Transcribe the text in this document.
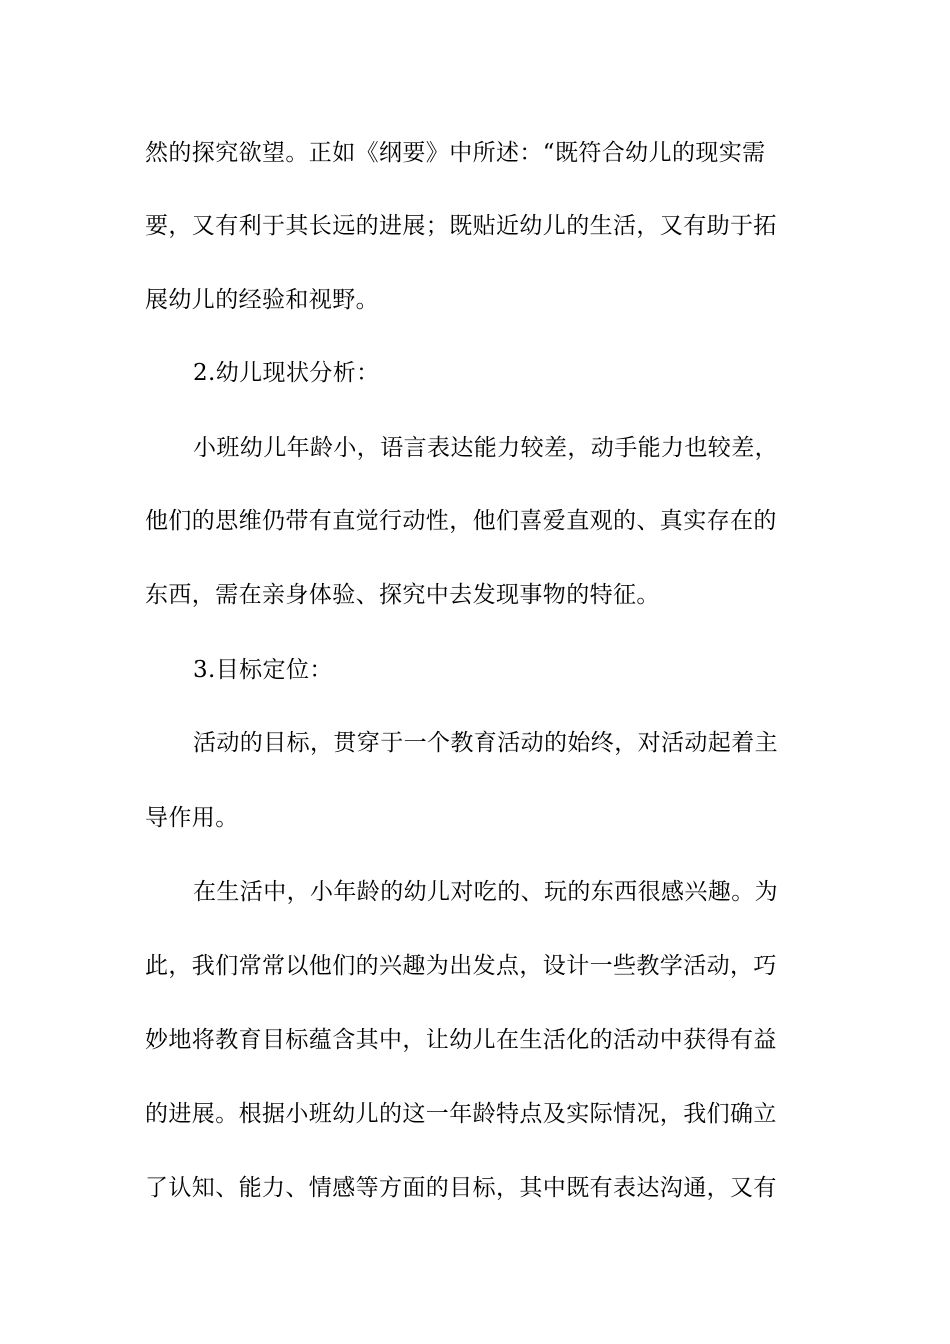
然的探究欲望。正如《纲要》中所述：“既符合幼儿的现实需
要，又有利于其长远的进展；既贴近幼儿的生活，又有助于拓
展幼儿的经验和视野。
2.幼儿现状分析：
小班幼儿年龄小，语言表达能力较差，动手能力也较差，
他们的思维仍带有直觉行动性，他们喜爱直观的、真实存在的
东西，需在亲身体验、探究中去发现事物的特征。
3.目标定位：
活动的目标，贯穿于一个教育活动的始终，对活动起着主
导作用。
在生活中，小年龄的幼儿对吃的、玩的东西很感兴趣。为
此，我们常常以他们的兴趣为出发点，设计一些教学活动，巧
妙地将教育目标蕴含其中，让幼儿在生活化的活动中获得有益
的进展。根据小班幼儿的这一年龄特点及实际情况，我们确立
了认知、能力、情感等方面的目标，其中既有表达沟通，又有
